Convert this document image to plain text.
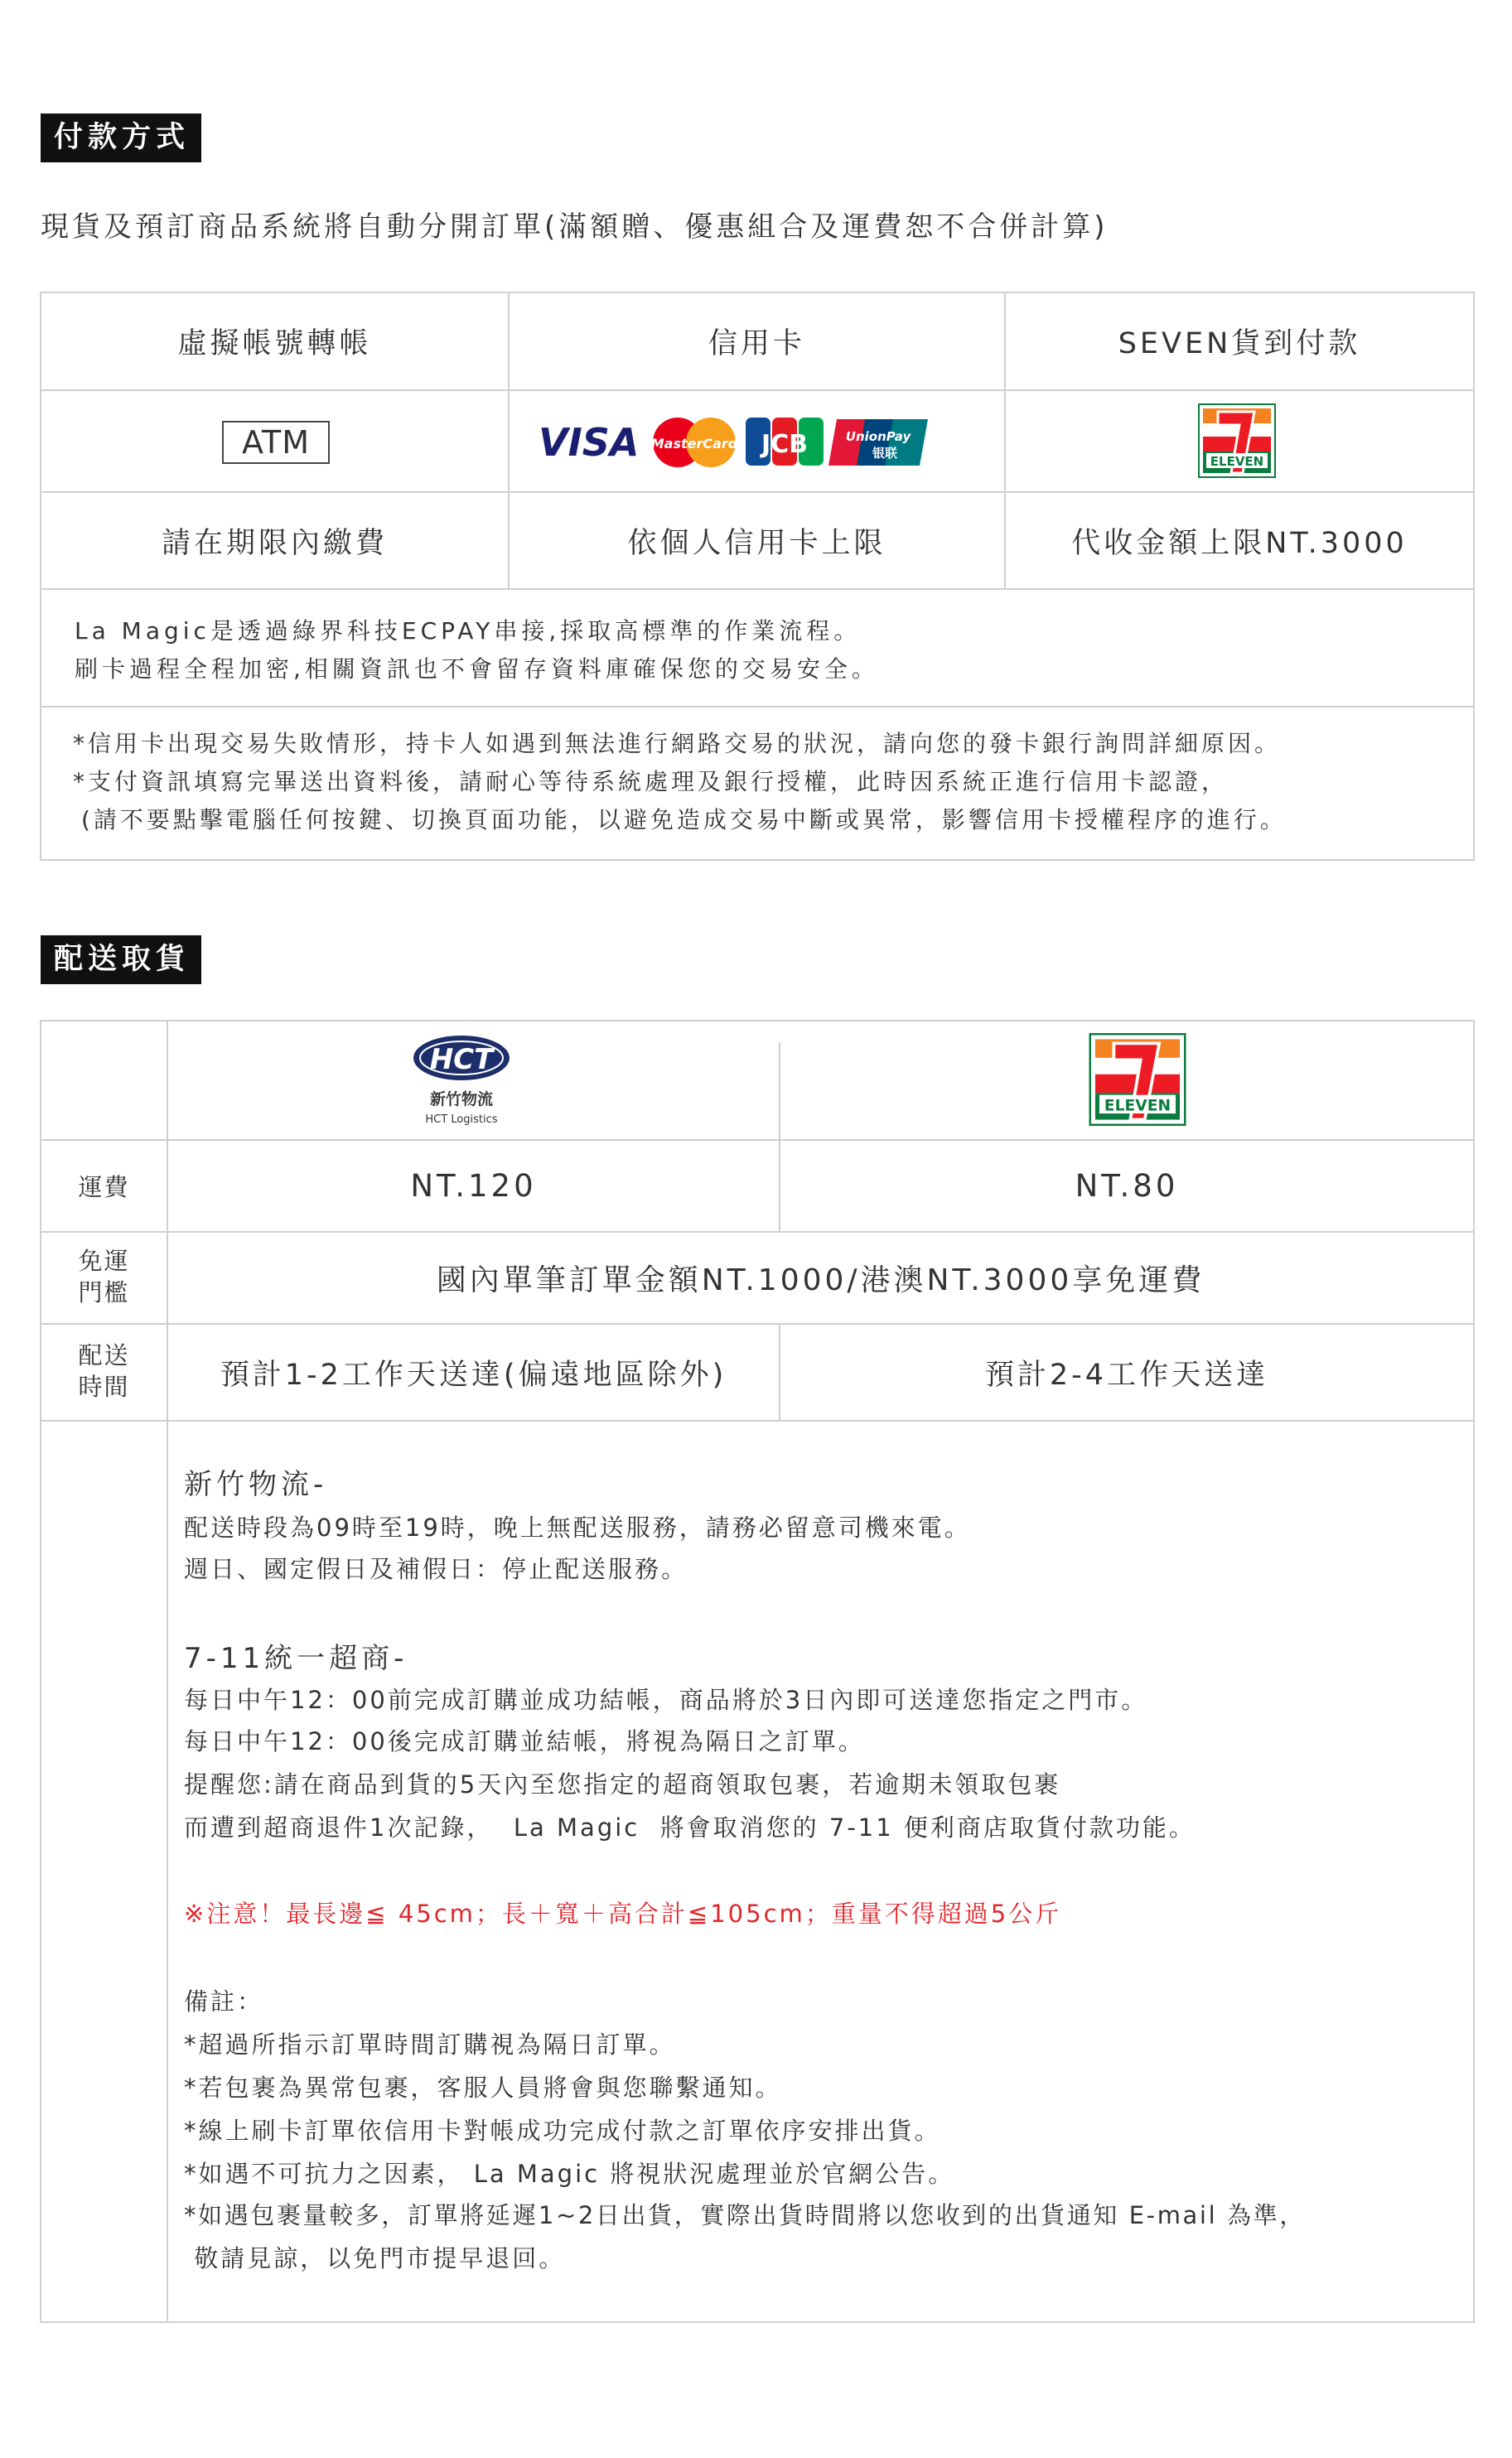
付款方式
現貨及預訂商品系統將自動分開訂單(滿額贈、優惠組合及運費恕不合併計算)
虛擬帳號轉帳	信用卡	SEVEN貨到付款
ATM	VISA MasterCard JCB	UnionPay
银联
ELEVEN
請在期限內繳費	依個人信用卡上限	代收金額上限NT.3000
La Magic是透過綠界科技ECPAY串接,採取高標準的作業流程。
刷卡過程全程加密,相關資訊也不會留存資料庫確保您的交易安全。
*信用卡出現交易失敗情形，持卡人如遇到無法進行網路交易的狀況，請向您的發卡銀行詢問詳細原因。
*支付資訊填寫完畢送出資料後，請耐心等待系統處理及銀行授權，此時因系統正進行信用卡認證，
(請不要點擊電腦任何按鍵、切換頁面功能，以避免造成交易中斷或異常，影響信用卡授權程序的進行。
配送取貨
HCT
新竹物流
HCT Logistics
ELEVEN
運費	NT.120	NT.80
免運
門檻	國內單筆訂單金額NT.1000/港澳NT.3000享免運費
配送
時間	預計1-2工作天送達(偏遠地區除外)	預計2-4工作天送達
新竹物流-
配送時段為09時至19時，晚上無配送服務，請務必留意司機來電。
週日、國定假日及補假日：停止配送服務。
7-11統一超商-
每日中午12：00前完成訂購並成功結帳，商品將於3日內即可送達您指定之門市。
每日中午12：00後完成訂購並結帳，將視為隔日之訂單。
提醒您:請在商品到貨的5天內至您指定的超商領取包裹，若逾期未領取包裹
而遭到超商退件1次記錄，  La Magic  將會取消您的 7-11 便利商店取貨付款功能。
※注意！最長邊≦ 45cm；長＋寬＋高合計≦105cm；重量不得超過5公斤
備註：
*超過所指示訂單時間訂購視為隔日訂單。
*若包裹為異常包裹，客服人員將會與您聯繫通知。
*線上刷卡訂單依信用卡對帳成功完成付款之訂單依序安排出貨。
*如遇不可抗力之因素， La Magic 將視狀況處理並於官網公告。
*如遇包裹量較多，訂單將延遲1~2日出貨，實際出貨時間將以您收到的出貨通知 E-mail 為準，
敬請見諒，以免門市提早退回。
